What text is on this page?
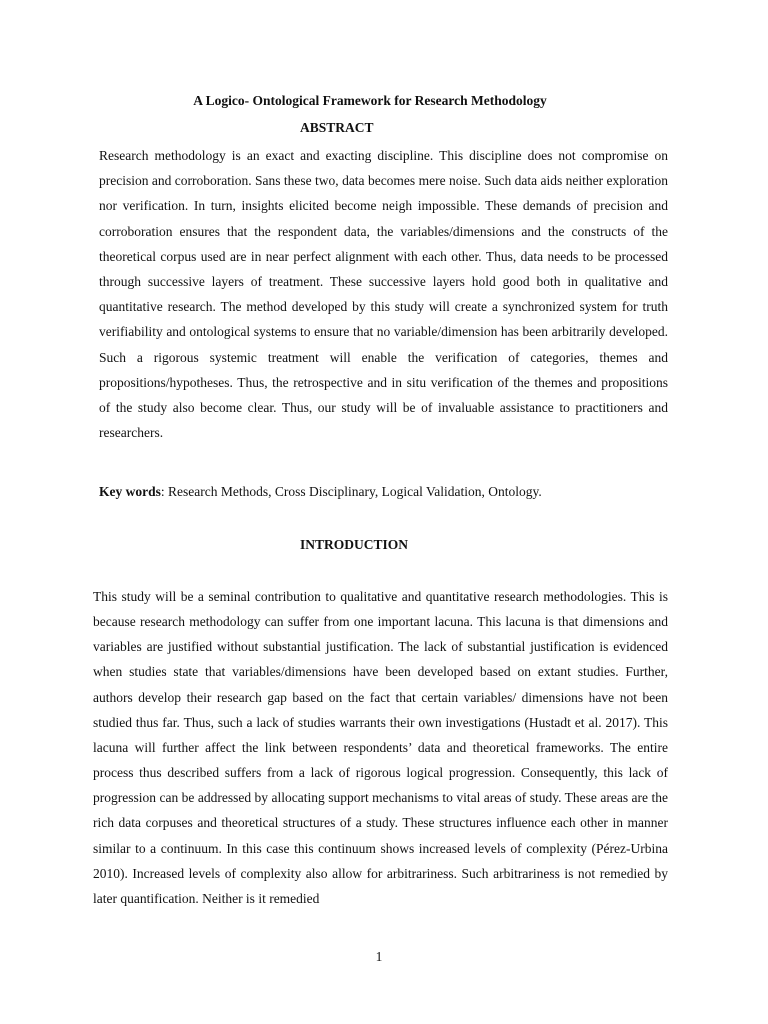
A Logico- Ontological Framework for Research Methodology
ABSTRACT

Research methodology is an exact and exacting discipline. This discipline does not compromise on precision and corroboration. Sans these two, data becomes mere noise. Such data aids neither exploration nor verification. In turn, insights elicited become neigh impossible. These demands of precision and corroboration ensures that the respondent data, the variables/dimensions and the constructs of the theoretical corpus used are in near perfect alignment with each other. Thus, data needs to be processed through successive layers of treatment. These successive layers hold good both in qualitative and quantitative research. The method developed by this study will create a synchronized system for truth verifiability and ontological systems to ensure that no variable/dimension has been arbitrarily developed. Such a rigorous systemic treatment will enable the verification of categories, themes and propositions/hypotheses. Thus, the retrospective and in situ verification of the themes and propositions of the study also become clear. Thus, our study will be of invaluable assistance to practitioners and researchers.

Key words: Research Methods, Cross Disciplinary, Logical Validation, Ontology.

INTRODUCTION

This study will be a seminal contribution to qualitative and quantitative research methodologies. This is because research methodology can suffer from one important lacuna. This lacuna is that dimensions and variables are justified without substantial justification. The lack of substantial justification is evidenced when studies state that variables/dimensions have been developed based on extant studies. Further, authors develop their research gap based on the fact that certain variables/ dimensions have not been studied thus far. Thus, such a lack of studies warrants their own investigations (Hustadt et al. 2017). This lacuna will further affect the link between respondents’ data and theoretical frameworks. The entire process thus described suffers from a lack of rigorous logical progression. Consequently, this lack of progression can be addressed by allocating support mechanisms to vital areas of study. These areas are the rich data corpuses and theoretical structures of a study. These structures influence each other in manner similar to a continuum. In this case this continuum shows increased levels of complexity (Pérez-Urbina 2010). Increased levels of complexity also allow for arbitrariness. Such arbitrariness is not remedied by later quantification. Neither is it remedied

1
